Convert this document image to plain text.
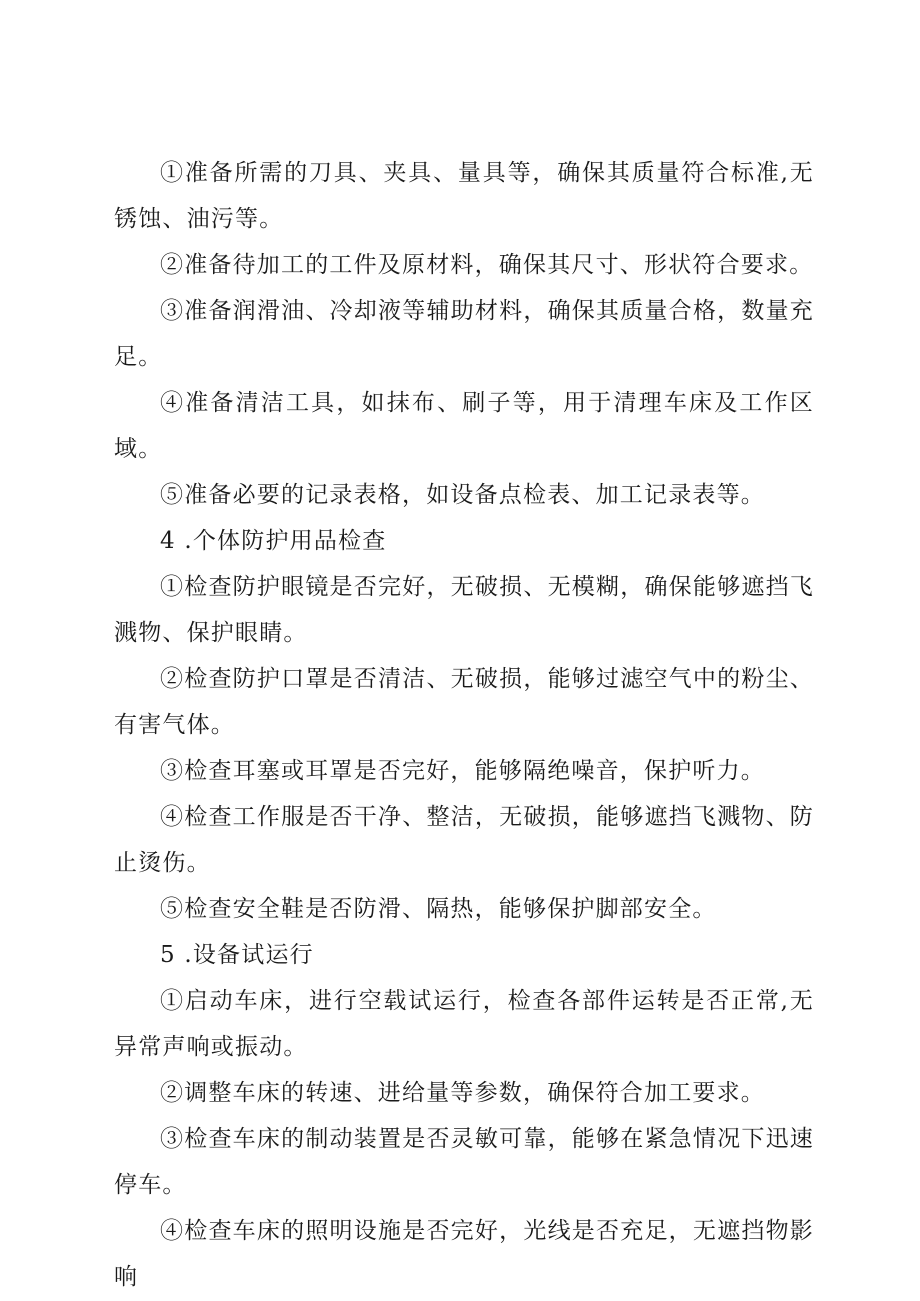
①准备所需的刀具、夹具、量具等，确保其质量符合标准,无锈蚀、油污等。

②准备待加工的工件及原材料，确保其尺寸、形状符合要求。

③准备润滑油、冷却液等辅助材料，确保其质量合格，数量充足。

④准备清洁工具，如抹布、刷子等，用于清理车床及工作区域。

⑤准备必要的记录表格，如设备点检表、加工记录表等。

4 .个体防护用品检查

①检查防护眼镜是否完好，无破损、无模糊，确保能够遮挡飞溅物、保护眼睛。

②检查防护口罩是否清洁、无破损，能够过滤空气中的粉尘、有害气体。

③检查耳塞或耳罩是否完好，能够隔绝噪音，保护听力。

④检查工作服是否干净、整洁，无破损，能够遮挡飞溅物、防止烫伤。

⑤检查安全鞋是否防滑、隔热，能够保护脚部安全。

5 .设备试运行

①启动车床，进行空载试运行，检查各部件运转是否正常,无异常声响或振动。

②调整车床的转速、进给量等参数，确保符合加工要求。

③检查车床的制动装置是否灵敏可靠，能够在紧急情况下迅速停车。

④检查车床的照明设施是否完好，光线是否充足，无遮挡物影响
